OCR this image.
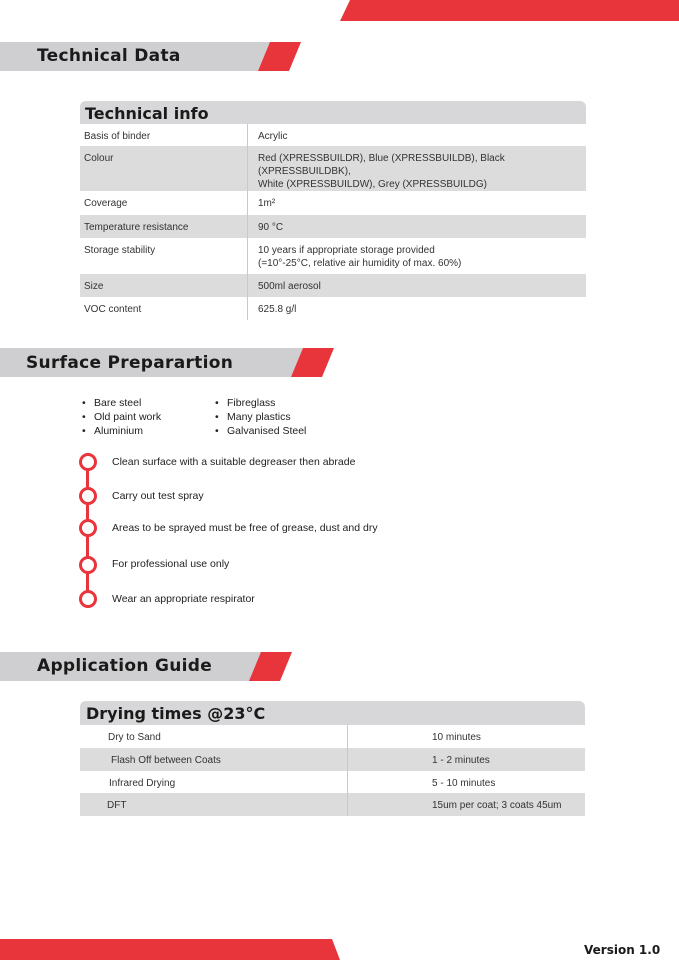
Technical Data
Technical info
Basis of binder	Acrylic
Colour	Red (XPRESSBUILDR), Blue (XPRESSBUILDB), Black (XPRESSBUILDBK),
White (XPRESSBUILDW), Grey (XPRESSBUILDG)

Coverage	1m²
Temperature resistance	90 °C
Storage stability	10 years if appropriate storage provided
(=10°-25°C, relative air humidity of max. 60%)

Size	500ml aerosol
VOC content	625.8 g/l
Surface Preparartion
• Bare steel
• Old paint work
• Aluminium
• Fibreglass
• Many plastics
• Galvanised Steel
Clean surface with a suitable degreaser then abrade
Carry out test spray
Areas to be sprayed must be free of grease, dust and dry
For professional use only
Wear an appropriate respirator
Application Guide
Drying times @23°C
Dry to Sand	10 minutes
Flash Off between Coats	1 - 2 minutes
Infrared Drying	5 - 10 minutes
DFT	15um per coat; 3 coats 45um
Version 1.0
